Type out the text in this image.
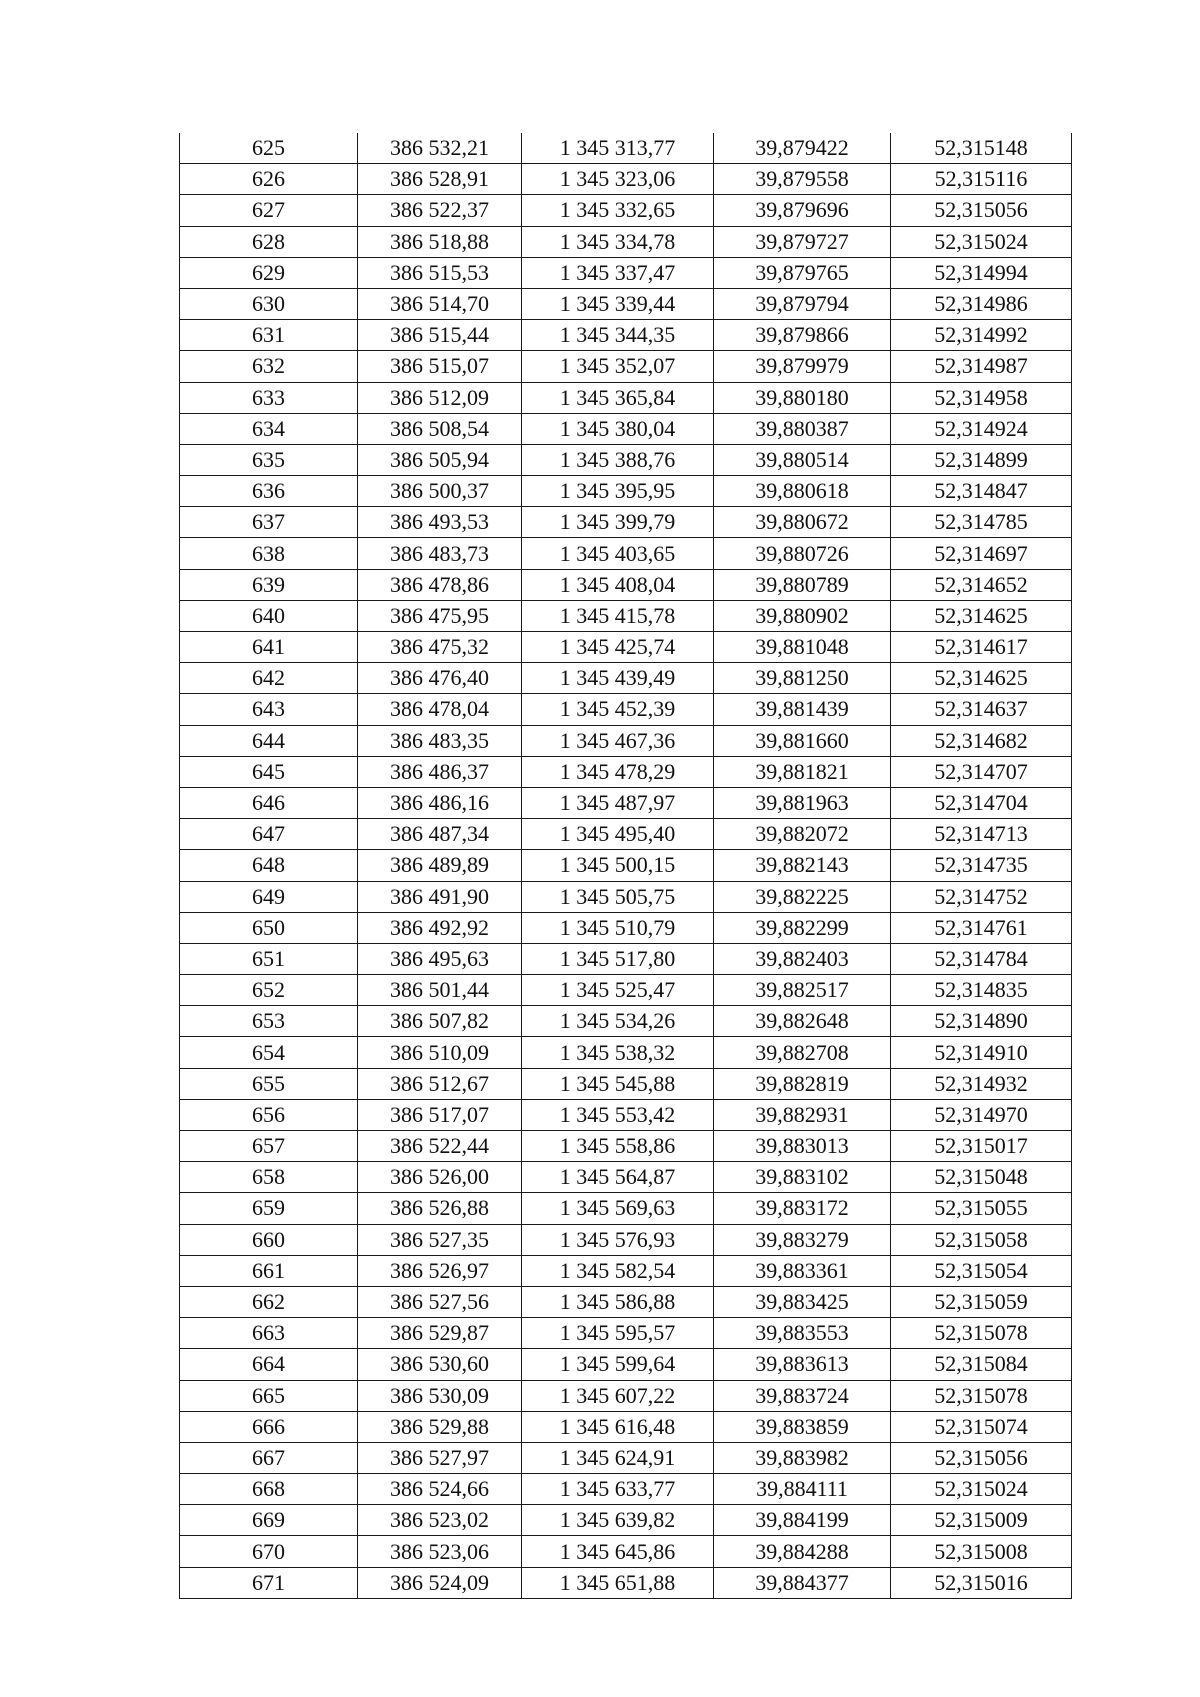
625	386 532,21	1 345 313,77	39,879422	52,315148
626	386 528,91	1 345 323,06	39,879558	52,315116
627	386 522,37	1 345 332,65	39,879696	52,315056
628	386 518,88	1 345 334,78	39,879727	52,315024
629	386 515,53	1 345 337,47	39,879765	52,314994
630	386 514,70	1 345 339,44	39,879794	52,314986
631	386 515,44	1 345 344,35	39,879866	52,314992
632	386 515,07	1 345 352,07	39,879979	52,314987
633	386 512,09	1 345 365,84	39,880180	52,314958
634	386 508,54	1 345 380,04	39,880387	52,314924
635	386 505,94	1 345 388,76	39,880514	52,314899
636	386 500,37	1 345 395,95	39,880618	52,314847
637	386 493,53	1 345 399,79	39,880672	52,314785
638	386 483,73	1 345 403,65	39,880726	52,314697
639	386 478,86	1 345 408,04	39,880789	52,314652
640	386 475,95	1 345 415,78	39,880902	52,314625
641	386 475,32	1 345 425,74	39,881048	52,314617
642	386 476,40	1 345 439,49	39,881250	52,314625
643	386 478,04	1 345 452,39	39,881439	52,314637
644	386 483,35	1 345 467,36	39,881660	52,314682
645	386 486,37	1 345 478,29	39,881821	52,314707
646	386 486,16	1 345 487,97	39,881963	52,314704
647	386 487,34	1 345 495,40	39,882072	52,314713
648	386 489,89	1 345 500,15	39,882143	52,314735
649	386 491,90	1 345 505,75	39,882225	52,314752
650	386 492,92	1 345 510,79	39,882299	52,314761
651	386 495,63	1 345 517,80	39,882403	52,314784
652	386 501,44	1 345 525,47	39,882517	52,314835
653	386 507,82	1 345 534,26	39,882648	52,314890
654	386 510,09	1 345 538,32	39,882708	52,314910
655	386 512,67	1 345 545,88	39,882819	52,314932
656	386 517,07	1 345 553,42	39,882931	52,314970
657	386 522,44	1 345 558,86	39,883013	52,315017
658	386 526,00	1 345 564,87	39,883102	52,315048
659	386 526,88	1 345 569,63	39,883172	52,315055
660	386 527,35	1 345 576,93	39,883279	52,315058
661	386 526,97	1 345 582,54	39,883361	52,315054
662	386 527,56	1 345 586,88	39,883425	52,315059
663	386 529,87	1 345 595,57	39,883553	52,315078
664	386 530,60	1 345 599,64	39,883613	52,315084
665	386 530,09	1 345 607,22	39,883724	52,315078
666	386 529,88	1 345 616,48	39,883859	52,315074
667	386 527,97	1 345 624,91	39,883982	52,315056
668	386 524,66	1 345 633,77	39,884111	52,315024
669	386 523,02	1 345 639,82	39,884199	52,315009
670	386 523,06	1 345 645,86	39,884288	52,315008
671	386 524,09	1 345 651,88	39,884377	52,315016
